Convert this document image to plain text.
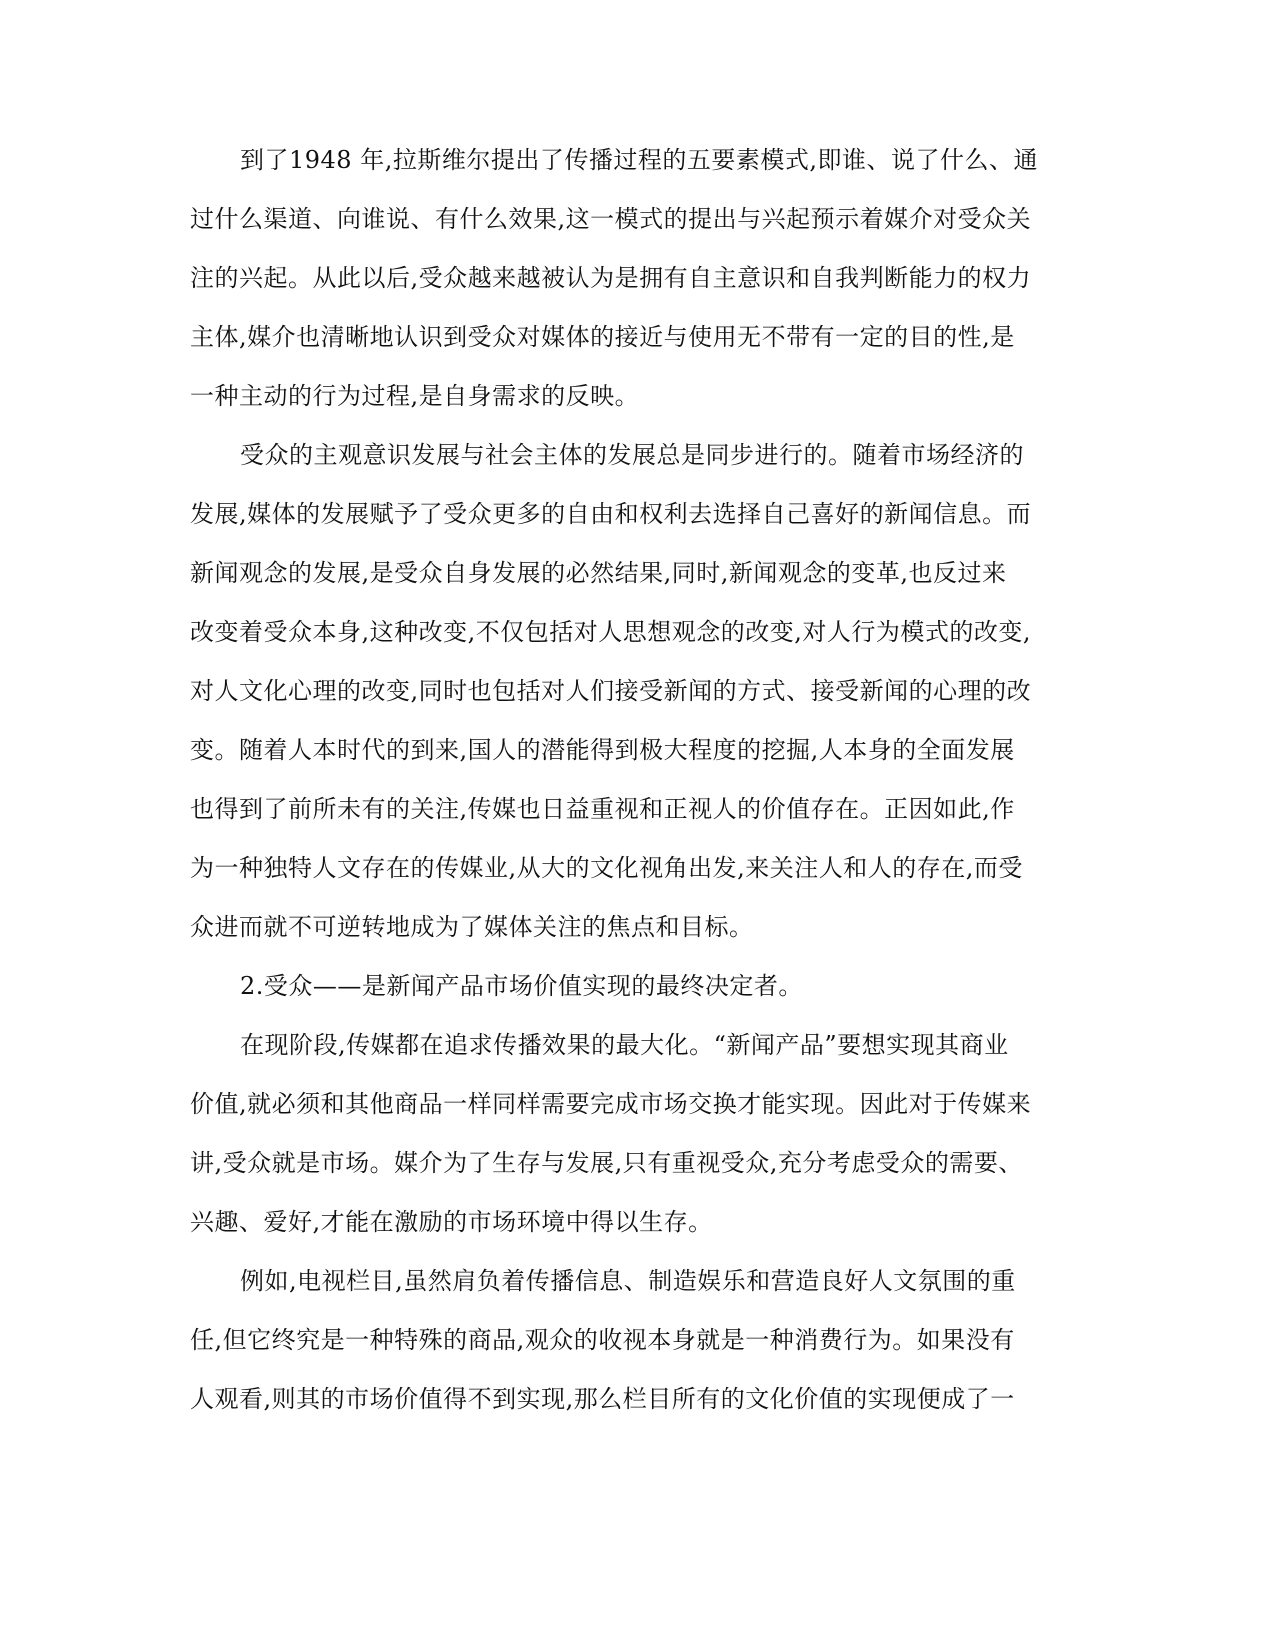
到了1948 年,拉斯维尔提出了传播过程的五要素模式,即谁、说了什么、通
过什么渠道、向谁说、有什么效果,这一模式的提出与兴起预示着媒介对受众关
注的兴起。从此以后,受众越来越被认为是拥有自主意识和自我判断能力的权力
主体,媒介也清晰地认识到受众对媒体的接近与使用无不带有一定的目的性,是
一种主动的行为过程,是自身需求的反映。
受众的主观意识发展与社会主体的发展总是同步进行的。随着市场经济的
发展,媒体的发展赋予了受众更多的自由和权利去选择自己喜好的新闻信息。而
新闻观念的发展,是受众自身发展的必然结果,同时,新闻观念的变革,也反过来
改变着受众本身,这种改变,不仅包括对人思想观念的改变,对人行为模式的改变,
对人文化心理的改变,同时也包括对人们接受新闻的方式、接受新闻的心理的改
变。随着人本时代的到来,国人的潜能得到极大程度的挖掘,人本身的全面发展
也得到了前所未有的关注,传媒也日益重视和正视人的价值存在。正因如此,作
为一种独特人文存在的传媒业,从大的文化视角出发,来关注人和人的存在,而受
众进而就不可逆转地成为了媒体关注的焦点和目标。
2.受众——是新闻产品市场价值实现的最终决定者。
在现阶段,传媒都在追求传播效果的最大化。“新闻产品”要想实现其商业
价值,就必须和其他商品一样同样需要完成市场交换才能实现。因此对于传媒来
讲,受众就是市场。媒介为了生存与发展,只有重视受众,充分考虑受众的需要、
兴趣、爱好,才能在激励的市场环境中得以生存。
例如,电视栏目,虽然肩负着传播信息、制造娱乐和营造良好人文氛围的重
任,但它终究是一种特殊的商品,观众的收视本身就是一种消费行为。如果没有
人观看,则其的市场价值得不到实现,那么栏目所有的文化价值的实现便成了一
